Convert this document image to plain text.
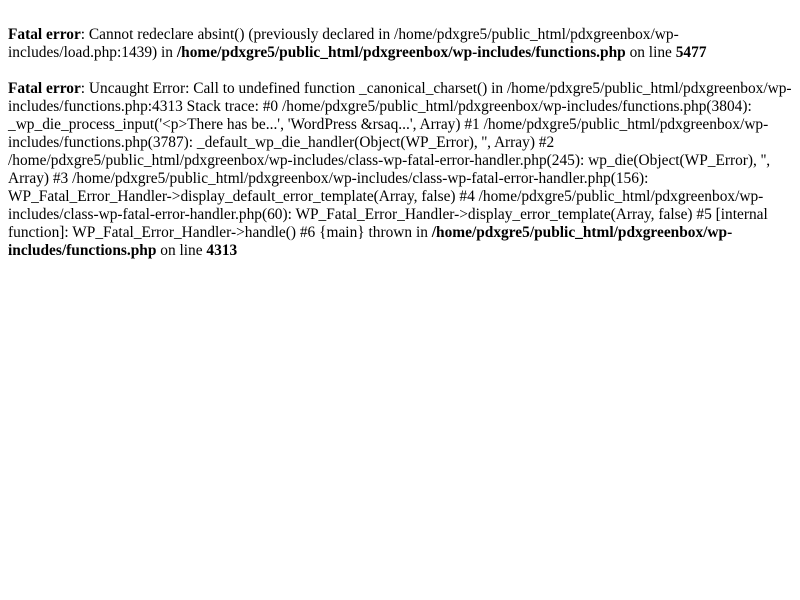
Fatal error: Cannot redeclare absint() (previously declared in /home/pdxgre5/public_html/pdxgreenbox/wp-includes/load.php:1439) in /home/pdxgre5/public_html/pdxgreenbox/wp-includes/functions.php on line 5477
Fatal error: Uncaught Error: Call to undefined function _canonical_charset() in /home/pdxgre5/public_html/pdxgreenbox/wp-includes/functions.php:4313 Stack trace: #0 /home/pdxgre5/public_html/pdxgreenbox/wp-includes/functions.php(3804): _wp_die_process_input('<p>There has be...', 'WordPress &rsaq...', Array) #1 /home/pdxgre5/public_html/pdxgreenbox/wp-includes/functions.php(3787): _default_wp_die_handler(Object(WP_Error), '', Array) #2 /home/pdxgre5/public_html/pdxgreenbox/wp-includes/class-wp-fatal-error-handler.php(245): wp_die(Object(WP_Error), '', Array) #3 /home/pdxgre5/public_html/pdxgreenbox/wp-includes/class-wp-fatal-error-handler.php(156): WP_Fatal_Error_Handler->display_default_error_template(Array, false) #4 /home/pdxgre5/public_html/pdxgreenbox/wp-includes/class-wp-fatal-error-handler.php(60): WP_Fatal_Error_Handler->display_error_template(Array, false) #5 [internal function]: WP_Fatal_Error_Handler->handle() #6 {main} thrown in /home/pdxgre5/public_html/pdxgreenbox/wp-includes/functions.php on line 4313
